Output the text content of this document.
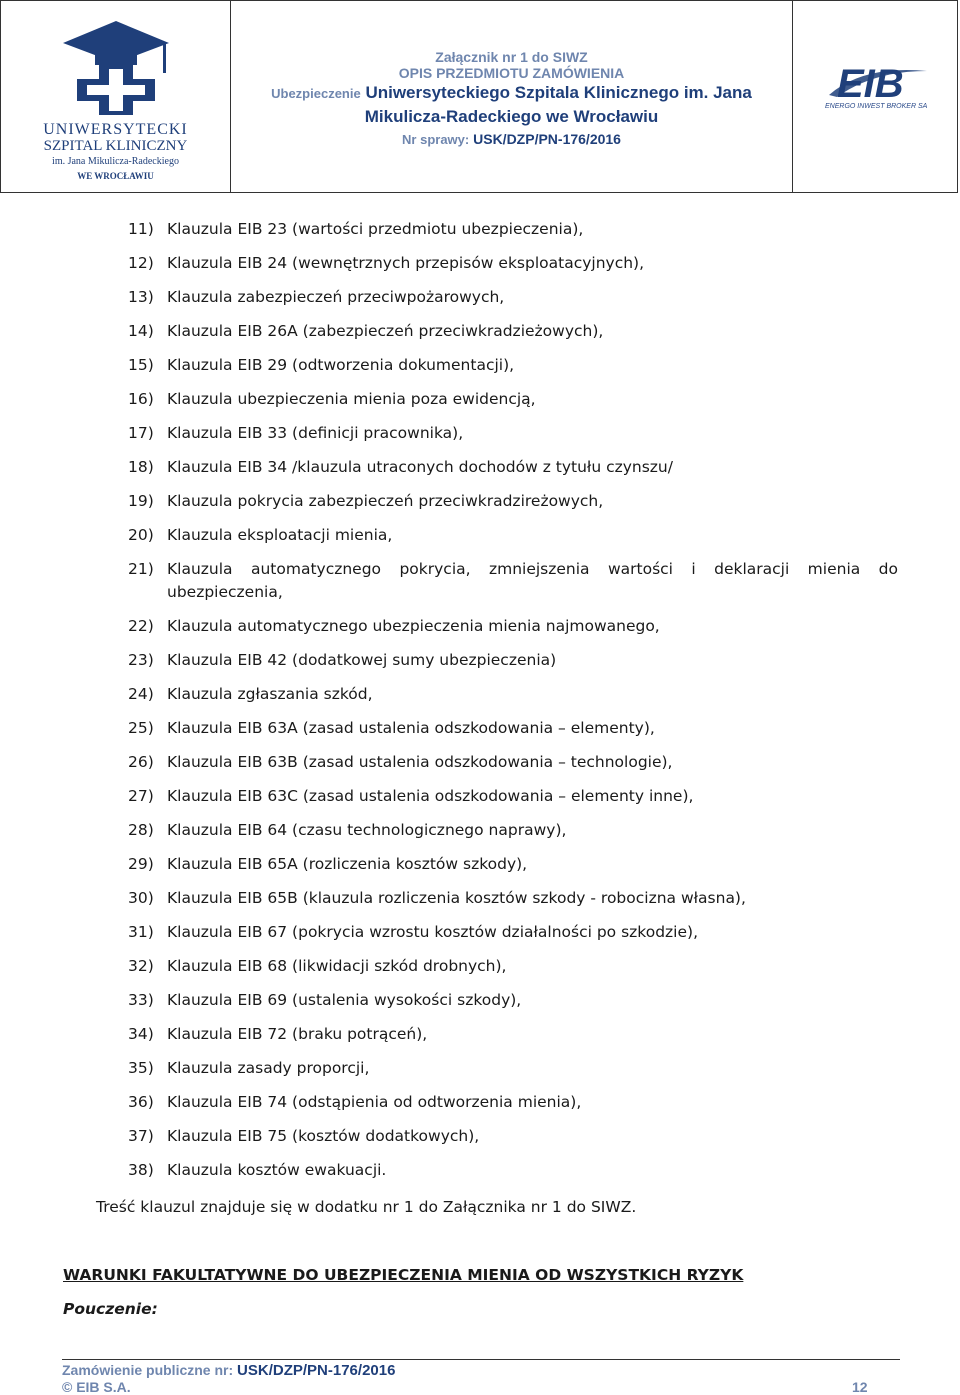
UNIWERSYTECKI
SZPITAL KLINICZNY
im. Jana Mikulicza-Radeckiego
WE WROCŁAWIU
Załącznik nr 1 do SIWZ
OPIS PRZEDMIOTU ZAMÓWIENIA
Ubezpieczenie Uniwersyteckiego Szpitala Klinicznego im. Jana
Mikulicza-Radeckiego we Wrocławiu
Nr sprawy: USK/DZP/PN-176/2016
EIB
ENERGO INWEST BROKER SA
11) Klauzula EIB 23 (wartości przedmiotu ubezpieczenia),
12) Klauzula EIB 24 (wewnętrznych przepisów eksploatacyjnych),
13) Klauzula zabezpieczeń przeciwpożarowych,
14) Klauzula EIB 26A (zabezpieczeń przeciwkradzieżowych),
15) Klauzula EIB 29 (odtworzenia dokumentacji),
16) Klauzula ubezpieczenia mienia poza ewidencją,
17) Klauzula EIB 33 (definicji pracownika),
18) Klauzula EIB 34 /klauzula utraconych dochodów z tytułu czynszu/
19) Klauzula pokrycia zabezpieczeń przeciwkradzireżowych,
20) Klauzula eksploatacji mienia,
21) Klauzula automatycznego pokrycia, zmniejszenia wartości i deklaracji mienia do ubezpieczenia,
22) Klauzula automatycznego ubezpieczenia mienia najmowanego,
23) Klauzula EIB 42 (dodatkowej sumy ubezpieczenia)
24) Klauzula zgłaszania szkód,
25) Klauzula EIB 63A (zasad ustalenia odszkodowania – elementy),
26) Klauzula EIB 63B (zasad ustalenia odszkodowania – technologie),
27) Klauzula EIB 63C (zasad ustalenia odszkodowania – elementy inne),
28) Klauzula EIB 64 (czasu technologicznego naprawy),
29) Klauzula EIB 65A (rozliczenia kosztów szkody),
30) Klauzula EIB 65B (klauzula rozliczenia kosztów szkody - robocizna własna),
31) Klauzula EIB 67 (pokrycia wzrostu kosztów działalności po szkodzie),
32) Klauzula EIB 68 (likwidacji szkód drobnych),
33) Klauzula EIB 69 (ustalenia wysokości szkody),
34) Klauzula EIB 72 (braku potrąceń),
35) Klauzula zasady proporcji,
36) Klauzula EIB 74 (odstąpienia od odtworzenia mienia),
37) Klauzula EIB 75 (kosztów dodatkowych),
38) Klauzula kosztów ewakuacji.
Treść klauzul znajduje się w dodatku nr 1 do Załącznika nr 1 do SIWZ.
WARUNKI FAKULTATYWNE DO UBEZPIECZENIA MIENIA OD WSZYSTKICH RYZYK
Pouczenie:
Zamówienie publiczne nr: USK/DZP/PN-176/2016
© EIB S.A.	12
